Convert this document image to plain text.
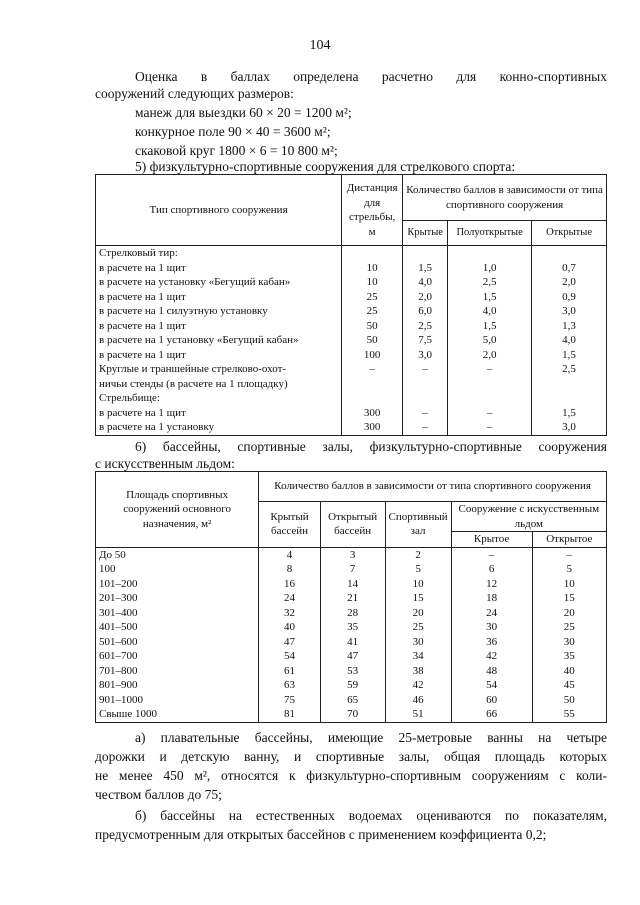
104
Оценка в баллах определена расчетно для конно-спортивных
сооружений следующих размеров:
манеж для выездки 60 × 20 = 1200 м²;
конкурное поле 90 × 40 = 3600 м²;
скаковой круг 1800 × 6 = 10 800 м²;
5) физкультурно-спортивные сооружения для стрелкового спорта:
Тип спортивного сооружения	Дистанция для стрельбы, м	Количество баллов в зависимости от типа спортивного сооружения		
		Крытые	Полуоткрытые	Открытые
Стрелковый тир:				
в расчете на 1 щит	10	1,5	1,0	0,7
в расчете на установку «Бегущий кабан»	10	4,0	2,5	2,0
в расчете на 1 щит	25	2,0	1,5	0,9
в расчете на 1 силуэтную установку	25	6,0	4,0	3,0
в расчете на 1 щит	50	2,5	1,5	1,3
в расчете на 1 установку «Бегущий кабан»	50	7,5	5,0	4,0
в расчете на 1 щит	100	3,0	2,0	1,5
Круглые и траншейные стрелково-охот-	–	–	–	2,5
ничьи стенды (в расчете на 1 площадку)				
Стрельбище:				
в расчете на 1 щит	300	–	–	1,5
в расчете на 1 установку	300	–	–	3,0
6) бассейны, спортивные залы, физкультурно-спортивные сооружения
с искусственным льдом:
Площадь спортивных сооружений основного назначения, м²	Количество баллов в зависимости от типа спортивного сооружения				
	Крытый бассейн	Открытый бассейн	Спортивный зал	Сооружение с искусственным льдом	
				Крытое	Открытое
До 50	4	3	2	–	–
100	8	7	5	6	5
101–200	16	14	10	12	10
201–300	24	21	15	18	15
301–400	32	28	20	24	20
401–500	40	35	25	30	25
501–600	47	41	30	36	30
601–700	54	47	34	42	35
701–800	61	53	38	48	40
801–900	63	59	42	54	45
901–1000	75	65	46	60	50
Свыше 1000	81	70	51	66	55
а) плавательные бассейны, имеющие 25-метровые ванны на четыре
дорожки и детскую ванну, и спортивные залы, общая площадь которых
не менее 450 м², относятся к физкультурно-спортивным сооружениям с коли-
чеством баллов до 75;
б) бассейны на естественных водоемах оцениваются по показателям,
предусмотренным для открытых бассейнов с применением коэффициента 0,2;
